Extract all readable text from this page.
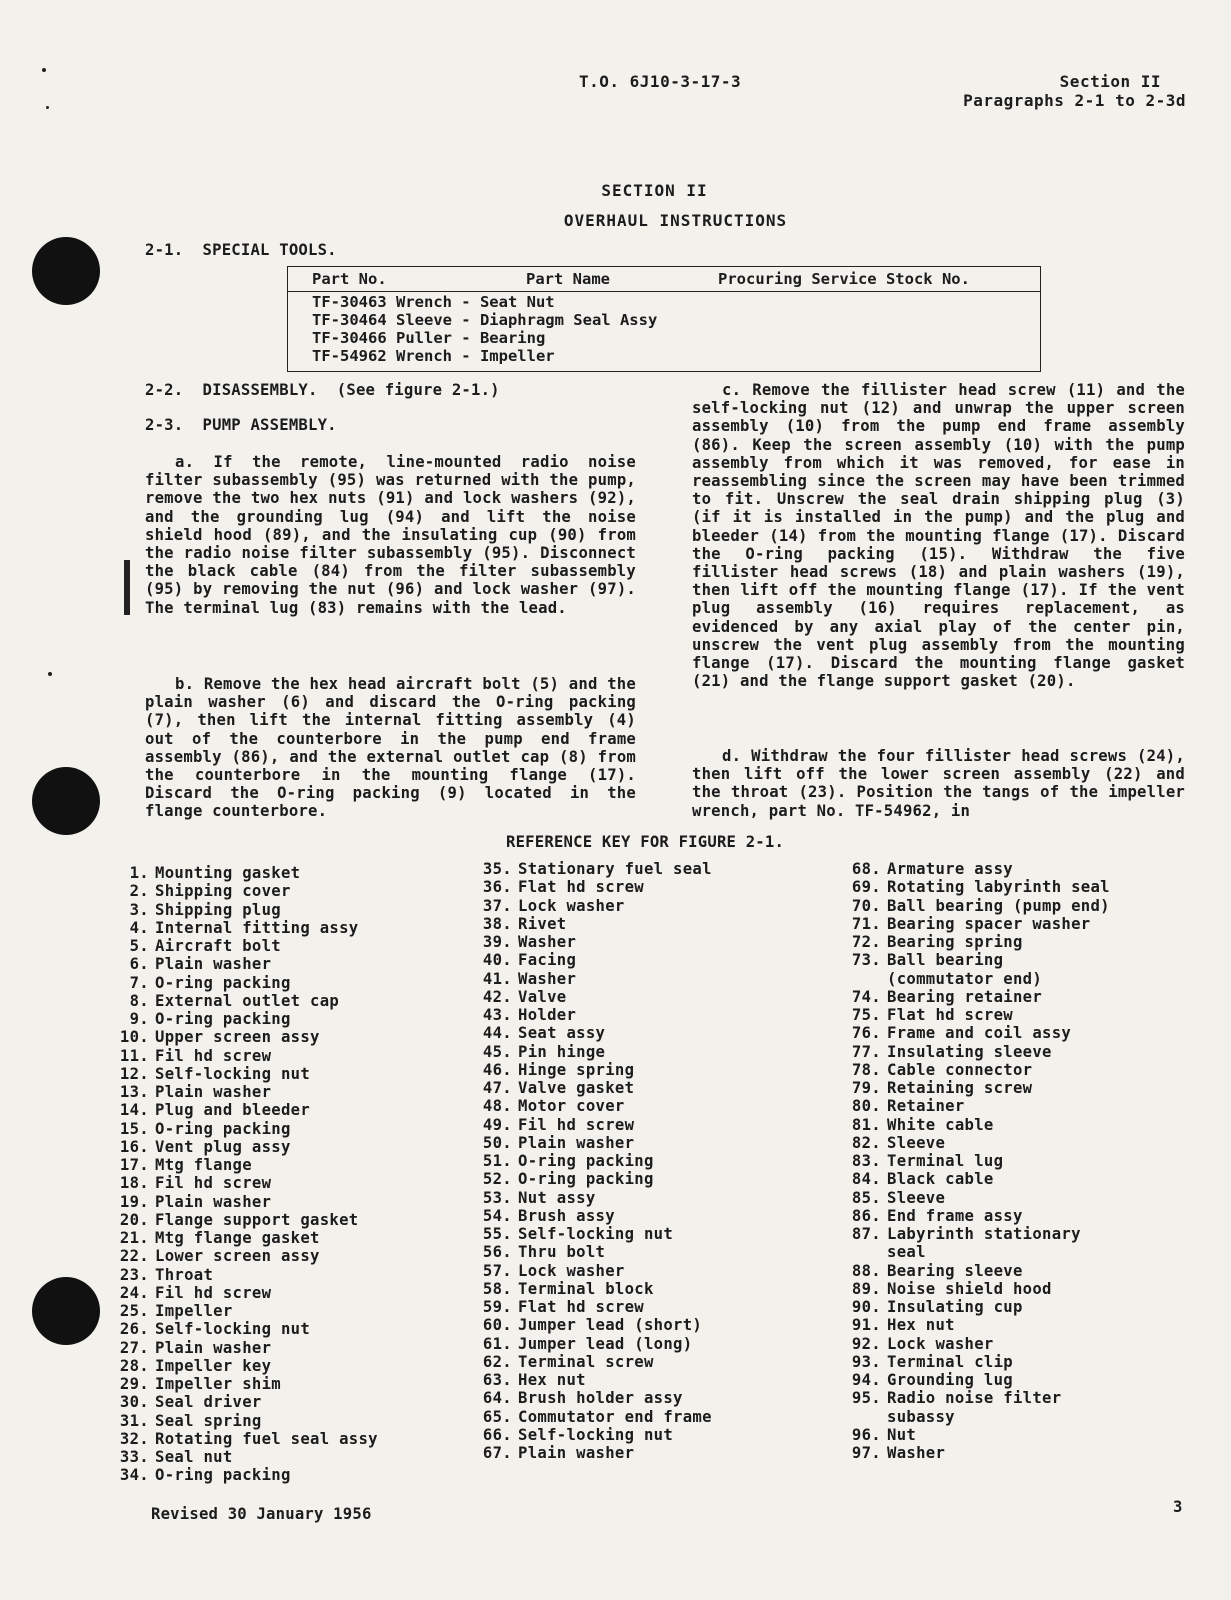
T.O. 6J10-3-17-3	Section II
Paragraphs 2-1 to 2-3d
SECTION II
OVERHAUL INSTRUCTIONS
2-1.  SPECIAL TOOLS.
Part No.	Part Name	Procuring Service Stock No.
TF-30463 Wrench - Seat Nut
TF-30464 Sleeve - Diaphragm Seal Assy
TF-30466 Puller - Bearing
TF-54962 Wrench - Impeller
2-2.  DISASSEMBLY.  (See figure 2-1.)
2-3.  PUMP ASSEMBLY.

a. If the remote, line-mounted radio noise filter subassembly (95) was returned with the pump, remove the two hex nuts (91) and lock washers (92), and the grounding lug (94) and lift the noise shield hood (89), and the insulating cup (90) from the radio noise filter subassembly (95). Disconnect the black cable (84) from the filter subassembly (95) by removing the nut (96) and lock washer (97). The terminal lug (83) remains with the lead.

b. Remove the hex head aircraft bolt (5) and the plain washer (6) and discard the O-ring packing (7), then lift the internal fitting assembly (4) out of the counterbore in the pump end frame assembly (86), and the external outlet cap (8) from the counterbore in the mounting flange (17). Discard the O-ring packing (9) located in the flange counterbore.

c. Remove the fillister head screw (11) and the self-locking nut (12) and unwrap the upper screen assembly (10) from the pump end frame assembly (86). Keep the screen assembly (10) with the pump assembly from which it was removed, for ease in reassembling since the screen may have been trimmed to fit. Unscrew the seal drain shipping plug (3) (if it is installed in the pump) and the plug and bleeder (14) from the mounting flange (17). Discard the O-ring packing (15). Withdraw the five fillister head screws (18) and plain washers (19), then lift off the mounting flange (17). If the vent plug assembly (16) requires replacement, as evidenced by any axial play of the center pin, unscrew the vent plug assembly from the mounting flange (17). Discard the mounting flange gasket (21) and the flange support gasket (20).

d. Withdraw the four fillister head screws (24), then lift off the lower screen assembly (22) and the throat (23). Position the tangs of the impeller wrench, part No. TF-54962, in

REFERENCE KEY FOR FIGURE 2-1.
1. Mounting gasket
2. Shipping cover
3. Shipping plug
4. Internal fitting assy
5. Aircraft bolt
6. Plain washer
7. O-ring packing
8. External outlet cap
9. O-ring packing
10. Upper screen assy
11. Fil hd screw
12. Self-locking nut
13. Plain washer
14. Plug and bleeder
15. O-ring packing
16. Vent plug assy
17. Mtg flange
18. Fil hd screw
19. Plain washer
20. Flange support gasket
21. Mtg flange gasket
22. Lower screen assy
23. Throat
24. Fil hd screw
25. Impeller
26. Self-locking nut
27. Plain washer
28. Impeller key
29. Impeller shim
30. Seal driver
31. Seal spring
32. Rotating fuel seal assy
33. Seal nut
34. O-ring packing
35. Stationary fuel seal
36. Flat hd screw
37. Lock washer
38. Rivet
39. Washer
40. Facing
41. Washer
42. Valve
43. Holder
44. Seat assy
45. Pin hinge
46. Hinge spring
47. Valve gasket
48. Motor cover
49. Fil hd screw
50. Plain washer
51. O-ring packing
52. O-ring packing
53. Nut assy
54. Brush assy
55. Self-locking nut
56. Thru bolt
57. Lock washer
58. Terminal block
59. Flat hd screw
60. Jumper lead (short)
61. Jumper lead (long)
62. Terminal screw
63. Hex nut
64. Brush holder assy
65. Commutator end frame
66. Self-locking nut
67. Plain washer
68. Armature assy
69. Rotating labyrinth seal
70. Ball bearing (pump end)
71. Bearing spacer washer
72. Bearing spring
73. Ball bearing
(commutator end)
74. Bearing retainer
75. Flat hd screw
76. Frame and coil assy
77. Insulating sleeve
78. Cable connector
79. Retaining screw
80. Retainer
81. White cable
82. Sleeve
83. Terminal lug
84. Black cable
85. Sleeve
86. End frame assy
87. Labyrinth stationary
seal
88. Bearing sleeve
89. Noise shield hood
90. Insulating cup
91. Hex nut
92. Lock washer
93. Terminal clip
94. Grounding lug
95. Radio noise filter
subassy
96. Nut
97. Washer
Revised 30 January 1956	3
